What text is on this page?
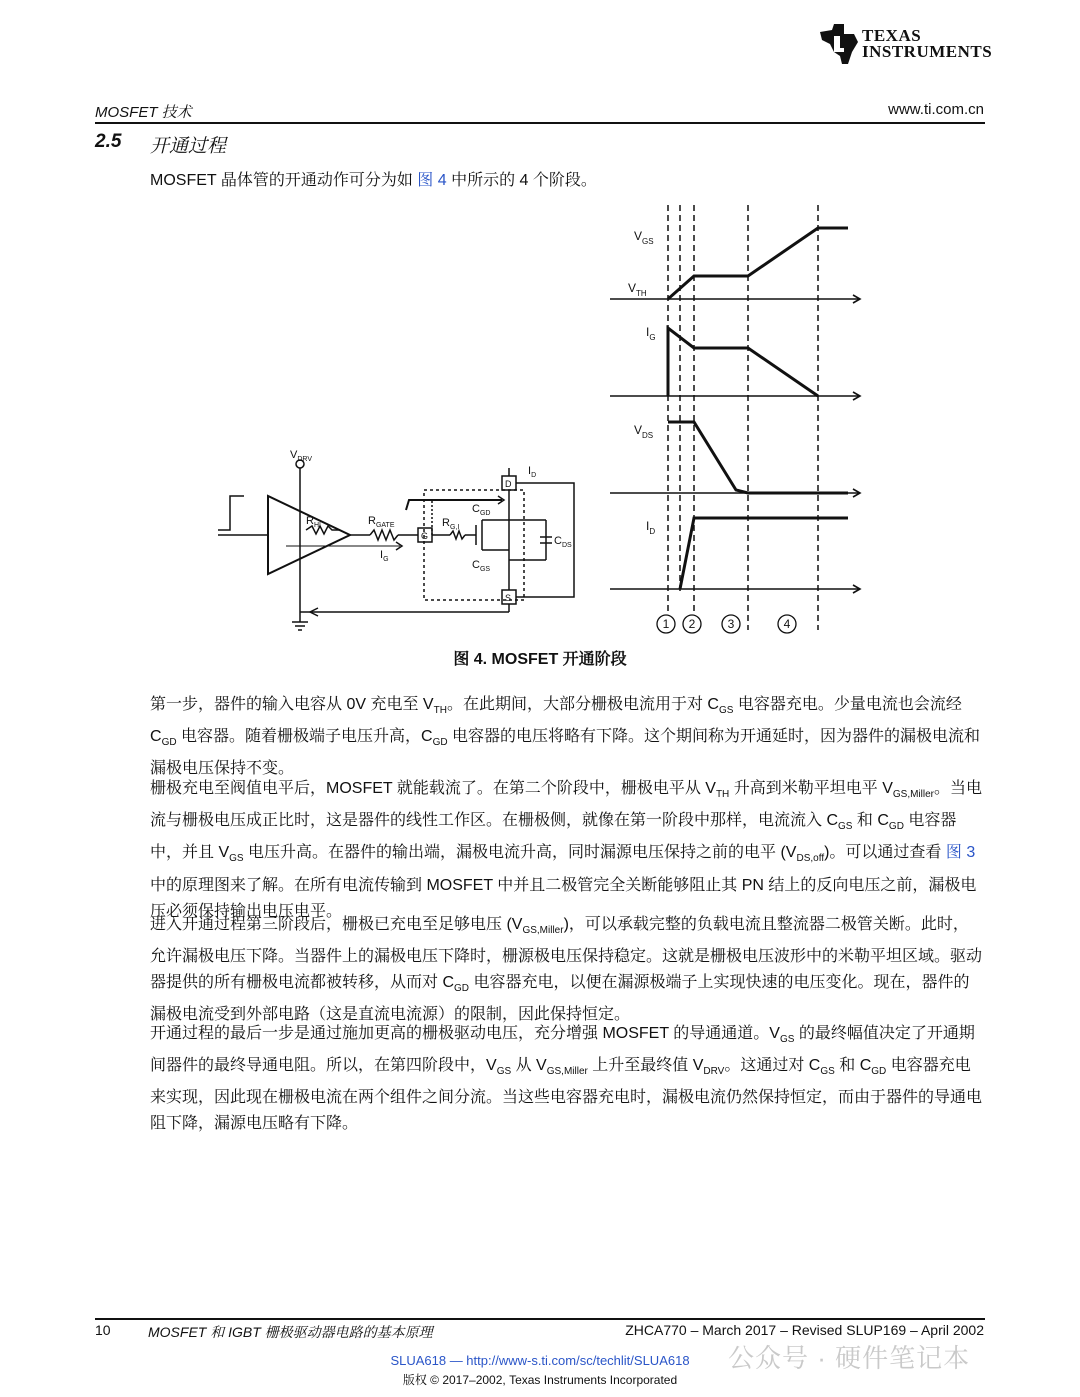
TEXAS
INSTRUMENTS
MOSFET 技术	www.ti.com.cn
2.5 开通过程
MOSFET 晶体管的开通动作可分为如 图 4 中所示的 4 个阶段。
$V_{GS}$
$V_{TH}$
$I_G$
$V_{DS}$
$I_D$
1 2	3	4
$V_{DRV}$
$R_{HI}$	$R_{GATE}$	$R_{G,I}$
$I_G$
$C_{GD}$
$C_{GS}$
$C_{DS}$
$I_D$
G
D
S
图 4. MOSFET 开通阶段
第一步，器件的输入电容从 0V 充电至 $V_{TH}$。在此期间，大部分栅极电流用于对 $C_{GS}$ 电容器充电。少量电流也会流经 $C_{GD}$ 电容器。随着栅极端子电压升高，$C_{GD}$ 电容器的电压将略有下降。这个期间称为开通延时，因为器件的漏极电流和漏极电压保持不变。
栅极充电至阀值电平后，MOSFET 就能载流了。在第二个阶段中，栅极电平从 $V_{TH}$ 升高到米勒平坦电平 $V_{GS,Miller}$。当电流与栅极电压成正比时，这是器件的线性工作区。在栅极侧，就像在第一阶段中那样，电流流入 $C_{GS}$ 和 $C_{GD}$ 电容器中，并且 $V_{GS}$ 电压升高。在器件的输出端，漏极电流升高，同时漏源电压保持之前的电平 $(V_{DS,off})$。可以通过查看 图 3 中的原理图来了解。在所有电流传输到 MOSFET 中并且二极管完全关断能够阻止其 PN 结上的反向电压之前，漏极电压必须保持输出电压电平。
进入开通过程第三阶段后，栅极已充电至足够电压 $(V_{GS,Miller})$，可以承载完整的负载电流且整流器二极管关断。此时，允许漏极电压下降。当器件上的漏极电压下降时，栅源极电压保持稳定。这就是栅极电压波形中的米勒平坦区域。驱动器提供的所有栅极电流都被转移，从而对 $C_{GD}$ 电容器充电，以便在漏源极端子上实现快速的电压变化。现在，器件的漏极电流受到外部电路（这是直流电流源）的限制，因此保持恒定。
开通过程的最后一步是通过施加更高的栅极驱动电压，充分增强 MOSFET 的导通通道。$V_{GS}$ 的最终幅值决定了开通期间器件的最终导通电阻。所以，在第四阶段中，$V_{GS}$ 从 $V_{GS,Miller}$ 上升至最终值 $V_{DRV}$。这通过对 $C_{GS}$ 和 $C_{GD}$ 电容器充电来实现，因此现在栅极电流在两个组件之间分流。当这些电容器充电时，漏极电流仍然保持恒定，而由于器件的导通电阻下降，漏源电压略有下降。
10	MOSFET 和 IGBT 栅极驱动器电路的基本原理	ZHCA770 – March 2017 – Revised SLUP169 – April 2002
SLUA618 — http://www-s.ti.com/sc/techlit/SLUA618
版权 © 2017–2002, Texas Instruments Incorporated
公众号 · 硬件笔记本
